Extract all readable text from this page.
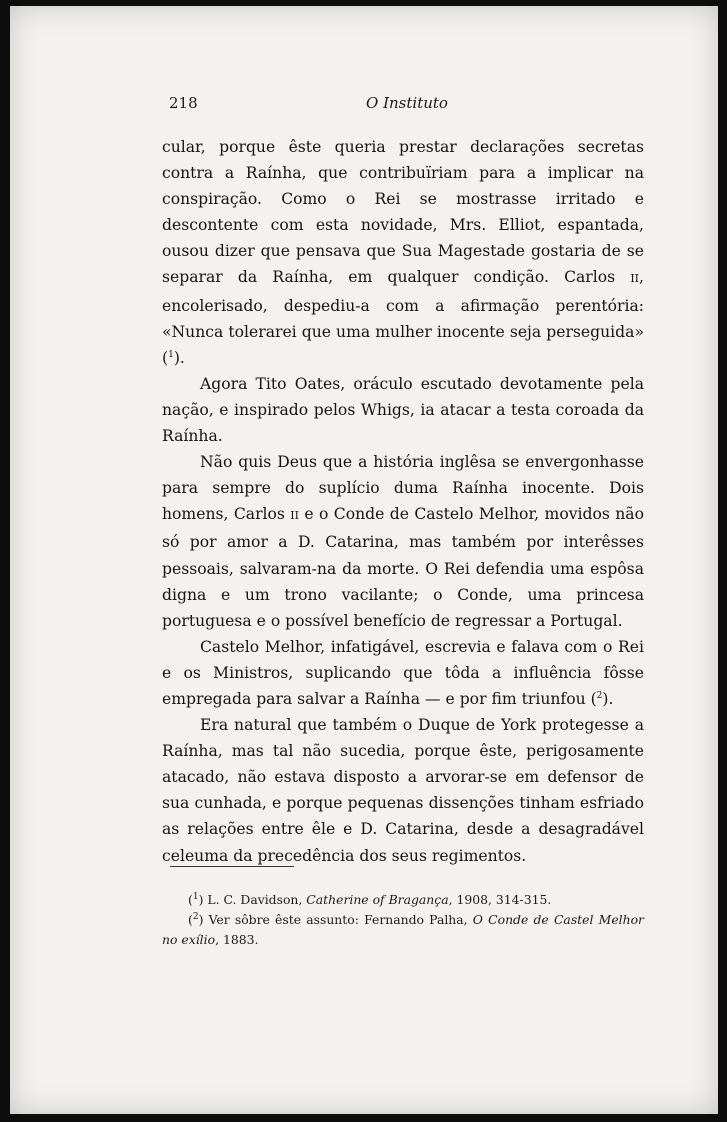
218	O Instituto

cular, porque êste queria prestar declarações secretas contra a Raínha, que contribuïriam para a implicar na conspiração. Como o Rei se mostrasse irritado e descontente com esta novidade, Mrs. Elliot, espantada, ousou dizer que pensava que Sua Magestade gostaria de se separar da Raínha, em qualquer condição. Carlos II, encolerisado, despediu-a com a afirmação perentória: «Nunca tolerarei que uma mulher inocente seja perseguida» ($^1$).

Agora Tito Oates, oráculo escutado devotamente pela nação, e inspirado pelos Whigs, ia atacar a testa coroada da Raínha.

Não quis Deus que a história inglêsa se envergonhasse para sempre do suplício duma Raínha inocente. Dois homens, Carlos II e o Conde de Castelo Melhor, movidos não só por amor a D. Catarina, mas também por interêsses pessoais, salvaram-na da morte. O Rei defendia uma espôsa digna e um trono vacilante; o Conde, uma princesa portuguesa e o possível benefício de regressar a Portugal.

Castelo Melhor, infatigável, escrevia e falava com o Rei e os Ministros, suplicando que tôda a influência fôsse empregada para salvar a Raínha — e por fim triunfou ($^2$).

Era natural que também o Duque de York protegesse a Raínha, mas tal não sucedia, porque êste, perigosamente atacado, não estava disposto a arvorar-se em defensor de sua cunhada, e porque pequenas dissenções tinham esfriado as relações entre êle e D. Catarina, desde a desagradável celeuma da precedência dos seus regimentos.

($^1$) L. C. Davidson, Catherine of Bragança, 1908, 314-315.

($^2$) Ver sôbre êste assunto: Fernando Palha, O Conde de Castel Melhor no exílio, 1883.
